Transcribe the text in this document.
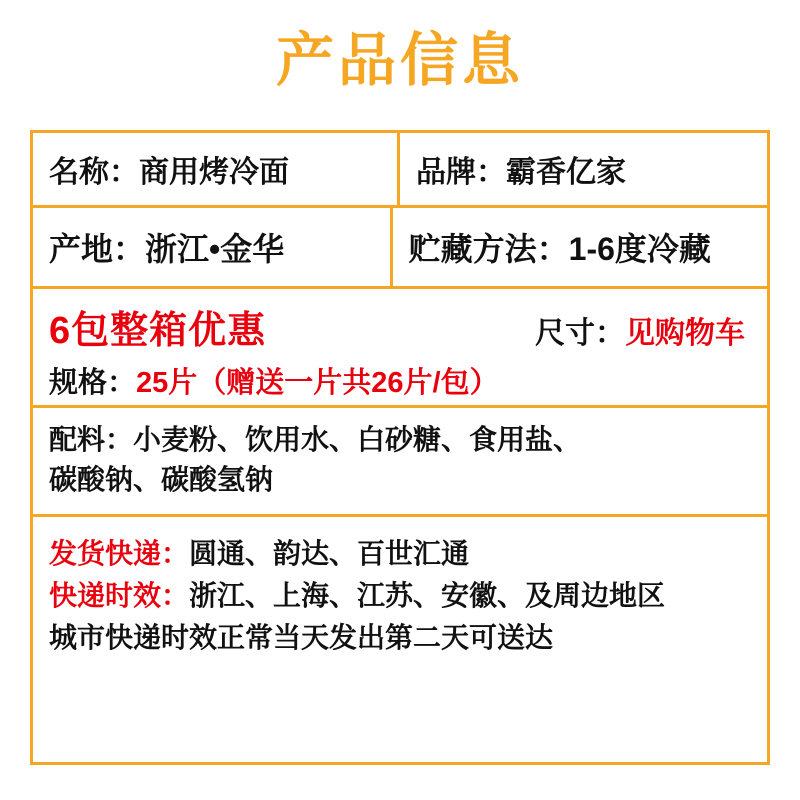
产品信息
名称： 商用烤冷面	品牌： 霸香亿家
产地： 浙江•金华	贮藏方法： 1-6度冷藏
6包整箱优惠	尺寸： 见购物车
规格： 25片（赠送一片共26片/包）
配料：小麦粉、饮用水、白砂糖、食用盐、
碳酸钠、碳酸氢钠
发货快递： 圆通、韵达、百世汇通
快递时效： 浙江、上海、江苏、安徽、及周边地区
城市快递时效正常当天发出第二天可送达
